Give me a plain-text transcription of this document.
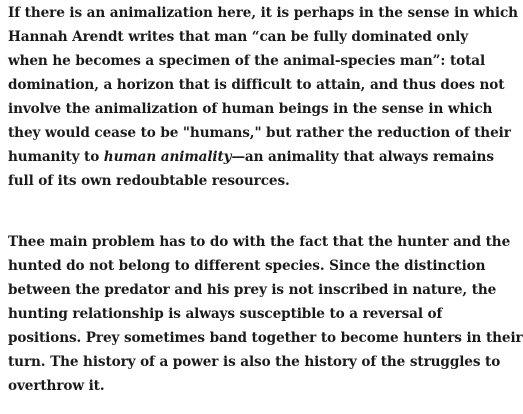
If there is an animalization here, it is perhaps in the sense in which
Hannah Arendt writes that man “can be fully dominated only
when he becomes a specimen of the animal-species man”: total
domination, a horizon that is difficult to attain, and thus does not
involve the animalization of human beings in the sense in which
they would cease to be "humans," but rather the reduction of their
humanity to human animality—an animality that always remains
full of its own redoubtable resources.
Thee main problem has to do with the fact that the hunter and the
hunted do not belong to different species. Since the distinction
between the predator and his prey is not inscribed in nature, the
hunting relationship is always susceptible to a reversal of
positions. Prey sometimes band together to become hunters in their
turn. The history of a power is also the history of the struggles to
overthrow it.
